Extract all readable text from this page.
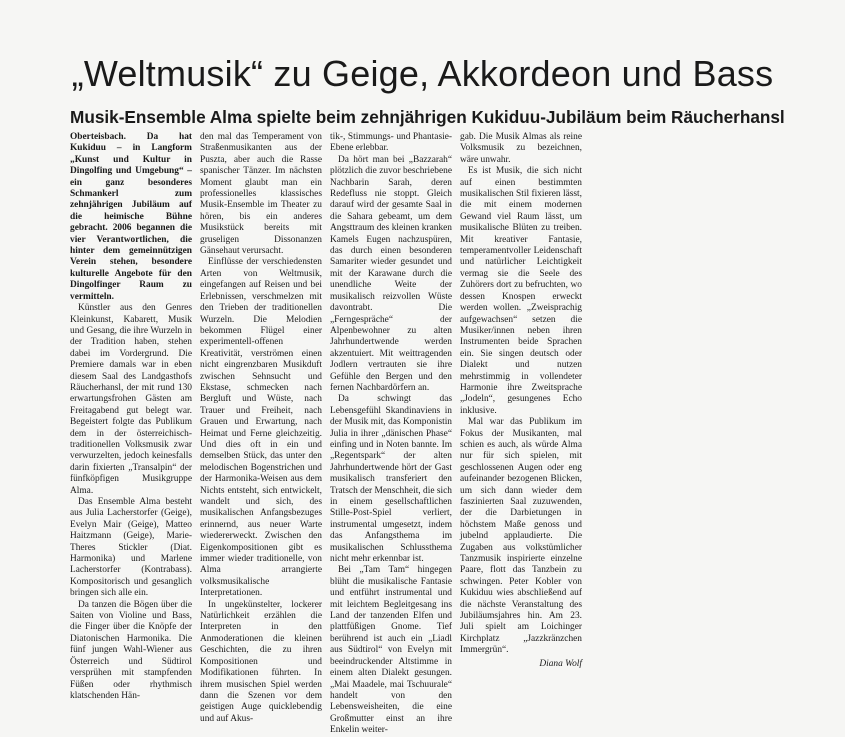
„Weltmusik“ zu Geige, Akkordeon und Bass
Musik-Ensemble Alma spielte beim zehnjährigen Kukiduu-Jubiläum beim Räucherhansl

Oberteisbach. Da hat Kukiduu – in Langform „Kunst und Kultur in Dingolfing und Umgebung“ – ein ganz besonderes Schmankerl zum zehnjährigen Jubiläum auf die heimische Bühne gebracht. 2006 begannen die vier Verantwortlichen, die hinter dem gemeinnützigen Verein stehen, besondere kulturelle Angebote für den Dingolfinger Raum zu vermitteln.

Künstler aus den Genres Kleinkunst, Kabarett, Musik und Gesang, die ihre Wurzeln in der Tradition haben, stehen dabei im Vordergrund. Die Premiere damals war in eben diesem Saal des Landgasthofs Räucherhansl, der mit rund 130 erwartungsfrohen Gästen am Freitagabend gut belegt war. Begeistert folgte das Publikum dem in der österreichisch-traditionellen Volksmusik zwar verwurzelten, jedoch keinesfalls darin fixierten „Transalpin“ der fünfköpfigen Musikgruppe Alma.

Das Ensemble Alma besteht aus Julia Lacherstorfer (Geige), Evelyn Mair (Geige), Matteo Haitzmann (Geige), Marie-Theres Stickler (Diat. Harmonika) und Marlene Lacherstorfer (Kontrabass). Kompositorisch und gesanglich bringen sich alle ein.

Da tanzen die Bögen über die Saiten von Violine und Bass, die Finger über die Knöpfe der Diatonischen Harmonika. Die fünf jungen Wahl-Wiener aus Österreich und Südtirol versprühen mit stampfenden Füßen oder rhythmisch klatschenden Hän-

den mal das Temperament von Straßenmusikanten aus der Puszta, aber auch die Rasse spanischer Tänzer. Im nächsten Moment glaubt man ein professionelles klassisches Musik-Ensemble im Theater zu hören, bis ein anderes Musikstück bereits mit gruseligen Dissonanzen Gänsehaut verursacht.

Einflüsse der verschiedensten Arten von Weltmusik, eingefangen auf Reisen und bei Erlebnissen, verschmelzen mit den Trieben der traditionellen Wurzeln. Die Melodien bekommen Flügel einer experimentell-offenen Kreativität, verströmen einen nicht eingrenzbaren Musikduft zwischen Sehnsucht und Ekstase, schmecken nach Bergluft und Wüste, nach Trauer und Freiheit, nach Grauen und Erwartung, nach Heimat und Ferne gleichzeitig. Und dies oft in ein und demselben Stück, das unter den melodischen Bogenstrichen und der Harmonika-Weisen aus dem Nichts entsteht, sich entwickelt, wandelt und sich, des musikalischen Anfangsbezuges erinnernd, aus neuer Warte wiedererweckt. Zwischen den Eigenkompositionen gibt es immer wieder traditionelle, von Alma arrangierte volksmusikalische Interpretationen.

In ungekünstelter, lockerer Natürlichkeit erzählen die Interpreten in den Anmoderationen die kleinen Geschichten, die zu ihren Kompositionen und Modifikationen führten. In ihrem musischen Spiel werden dann die Szenen vor dem geistigen Auge quicklebendig und auf Akus-

tik-, Stimmungs- und Phantasie-Ebene erlebbar.

Da hört man bei „Bazzarah“ plötzlich die zuvor beschriebene Nachbarin Sarah, deren Redefluss nie stoppt. Gleich darauf wird der gesamte Saal in die Sahara gebeamt, um dem Angsttraum des kleinen kranken Kamels Eugen nachzuspüren, das durch einen besonderen Samariter wieder gesundet und mit der Karawane durch die unendliche Weite der musikalisch reizvollen Wüste davontrabt. Die „Ferngespräche“ der Alpenbewohner zu alten Jahrhundertwende werden akzentuiert. Mit weittragenden Jodlern vertrauten sie ihre Gefühle den Bergen und den fernen Nachbardörfern an.

Da schwingt das Lebensgefühl Skandinaviens in der Musik mit, das Komponistin Julia in ihrer „dänischen Phase“ einfing und in Noten bannte. Im „Regentspark“ der alten Jahrhundertwende hört der Gast musikalisch transferiert den Tratsch der Menschheit, die sich in einem gesellschaftlichen Stille-Post-Spiel verliert, instrumental umgesetzt, indem das Anfangsthema im musikalischen Schlussthema nicht mehr erkennbar ist.

Bei „Tam Tam“ hingegen blüht die musikalische Fantasie und entführt instrumental und mit leichtem Begleitgesang ins Land der tanzenden Elfen und plattfüßigen Gnome. Tief berührend ist auch ein „Liadl aus Südtirol“ von Evelyn mit beeindruckender Altstimme in einem alten Dialekt gesungen. „Mai Maadele, mai Tschuurale“ handelt von den Lebensweisheiten, die eine Großmutter einst an ihre Enkelin weiter-

gab. Die Musik Almas als reine Volksmusik zu bezeichnen, wäre unwahr.

Es ist Musik, die sich nicht auf einen bestimmten musikalischen Stil fixieren lässt, die mit einem modernen Gewand viel Raum lässt, um musikalische Blüten zu treiben. Mit kreativer Fantasie, temperamentvoller Leidenschaft und natürlicher Leichtigkeit vermag sie die Seele des Zuhörers dort zu befruchten, wo dessen Knospen erweckt werden wollen. „Zweisprachig aufgewachsen“ setzen die Musiker/innen neben ihren Instrumenten beide Sprachen ein. Sie singen deutsch oder Dialekt und nutzen mehrstimmig in vollendeter Harmonie ihre Zweitsprache „Jodeln“, gesungenes Echo inklusive.

Mal war das Publikum im Fokus der Musikanten, mal schien es auch, als würde Alma nur für sich spielen, mit geschlossenen Augen oder eng aufeinander bezogenen Blicken, um sich dann wieder dem faszinierten Saal zuzuwenden, der die Darbietungen in höchstem Maße genoss und jubelnd applaudierte. Die Zugaben aus volkstümlicher Tanzmusik inspirierte einzelne Paare, flott das Tanzbein zu schwingen. Peter Kobler von Kukiduu wies abschließend auf die nächste Veranstaltung des Jubiläumsjahres hin. Am 23. Juli spielt am Loichinger Kirchplatz „Jazzkränzchen Immergrün“.

Diana Wolf
